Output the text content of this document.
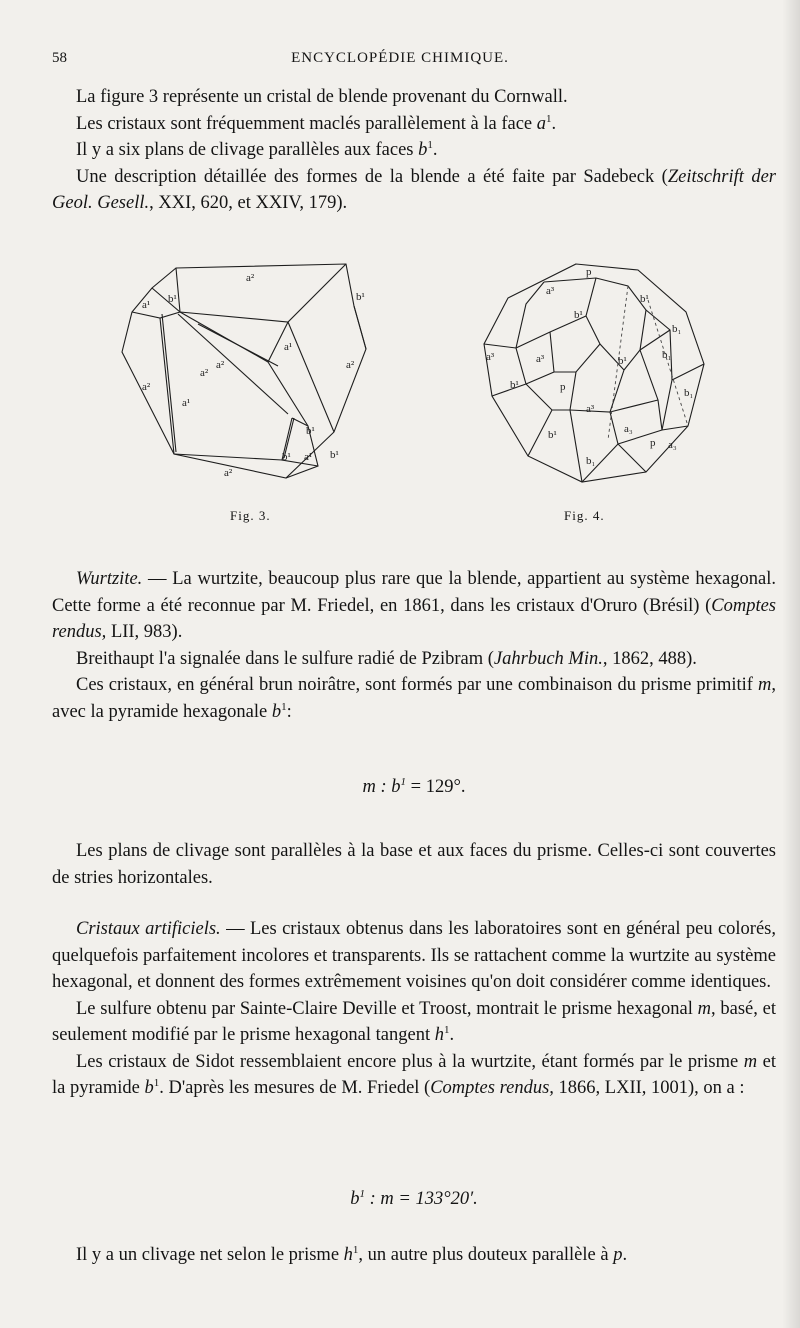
58	ENCYCLOPÉDIE CHIMIQUE.

La figure 3 représente un cristal de blende provenant du Cornwall.

Les cristaux sont fréquemment maclés parallèlement à la face $a^1$.

Il y a six plans de clivage parallèles aux faces $b^1$.

Une description détaillée des formes de la blende a été faite par Sadebeck (Zeitschrift der Geol. Gesell., XXI, 620, et XXIV, 179).

a²
a¹ b¹	b¹
a¹
a²
a²
a²
a²
a¹
b¹
b¹ a¹ b¹
a²
Fig. 3.
p
a³
b¹
b¹
b₁
a³
a³	b¹	b₁
b¹	p	b₁
a³
b¹	a₃
p a₃
b₁
Fig. 4.

Wurtzite. — La wurtzite, beaucoup plus rare que la blende, appartient au système hexagonal. Cette forme a été reconnue par M. Friedel, en 1861, dans les cristaux d'Oruro (Brésil) (Comptes rendus, LII, 983).

Breithaupt l'a signalée dans le sulfure radié de Pzibram (Jahrbuch Min., 1862, 488).

Ces cristaux, en général brun noirâtre, sont formés par une combinaison du prisme primitif m, avec la pyramide hexagonale $b^1$:

m : $b^1 = 129^\circ$.

Les plans de clivage sont parallèles à la base et aux faces du prisme. Celles-ci sont couvertes de stries horizontales.

Cristaux artificiels. — Les cristaux obtenus dans les laboratoires sont en général peu colorés, quelquefois parfaitement incolores et transparents. Ils se rattachent comme la wurtzite au système hexagonal, et donnent des formes extrêmement voisines qu'on doit considérer comme identiques.

Le sulfure obtenu par Sainte-Claire Deville et Troost, montrait le prisme hexagonal m, basé, et seulement modifié par le prisme hexagonal tangent $h^1$.

Les cristaux de Sidot ressemblaient encore plus à la wurtzite, étant formés par le prisme m et la pyramide $b^1$. D'après les mesures de M. Friedel (Comptes rendus, 1866, LXII, 1001), on a :

$b^1$ : m = 133°20′.

Il y a un clivage net selon le prisme $h^1$, un autre plus douteux parallèle à p.
